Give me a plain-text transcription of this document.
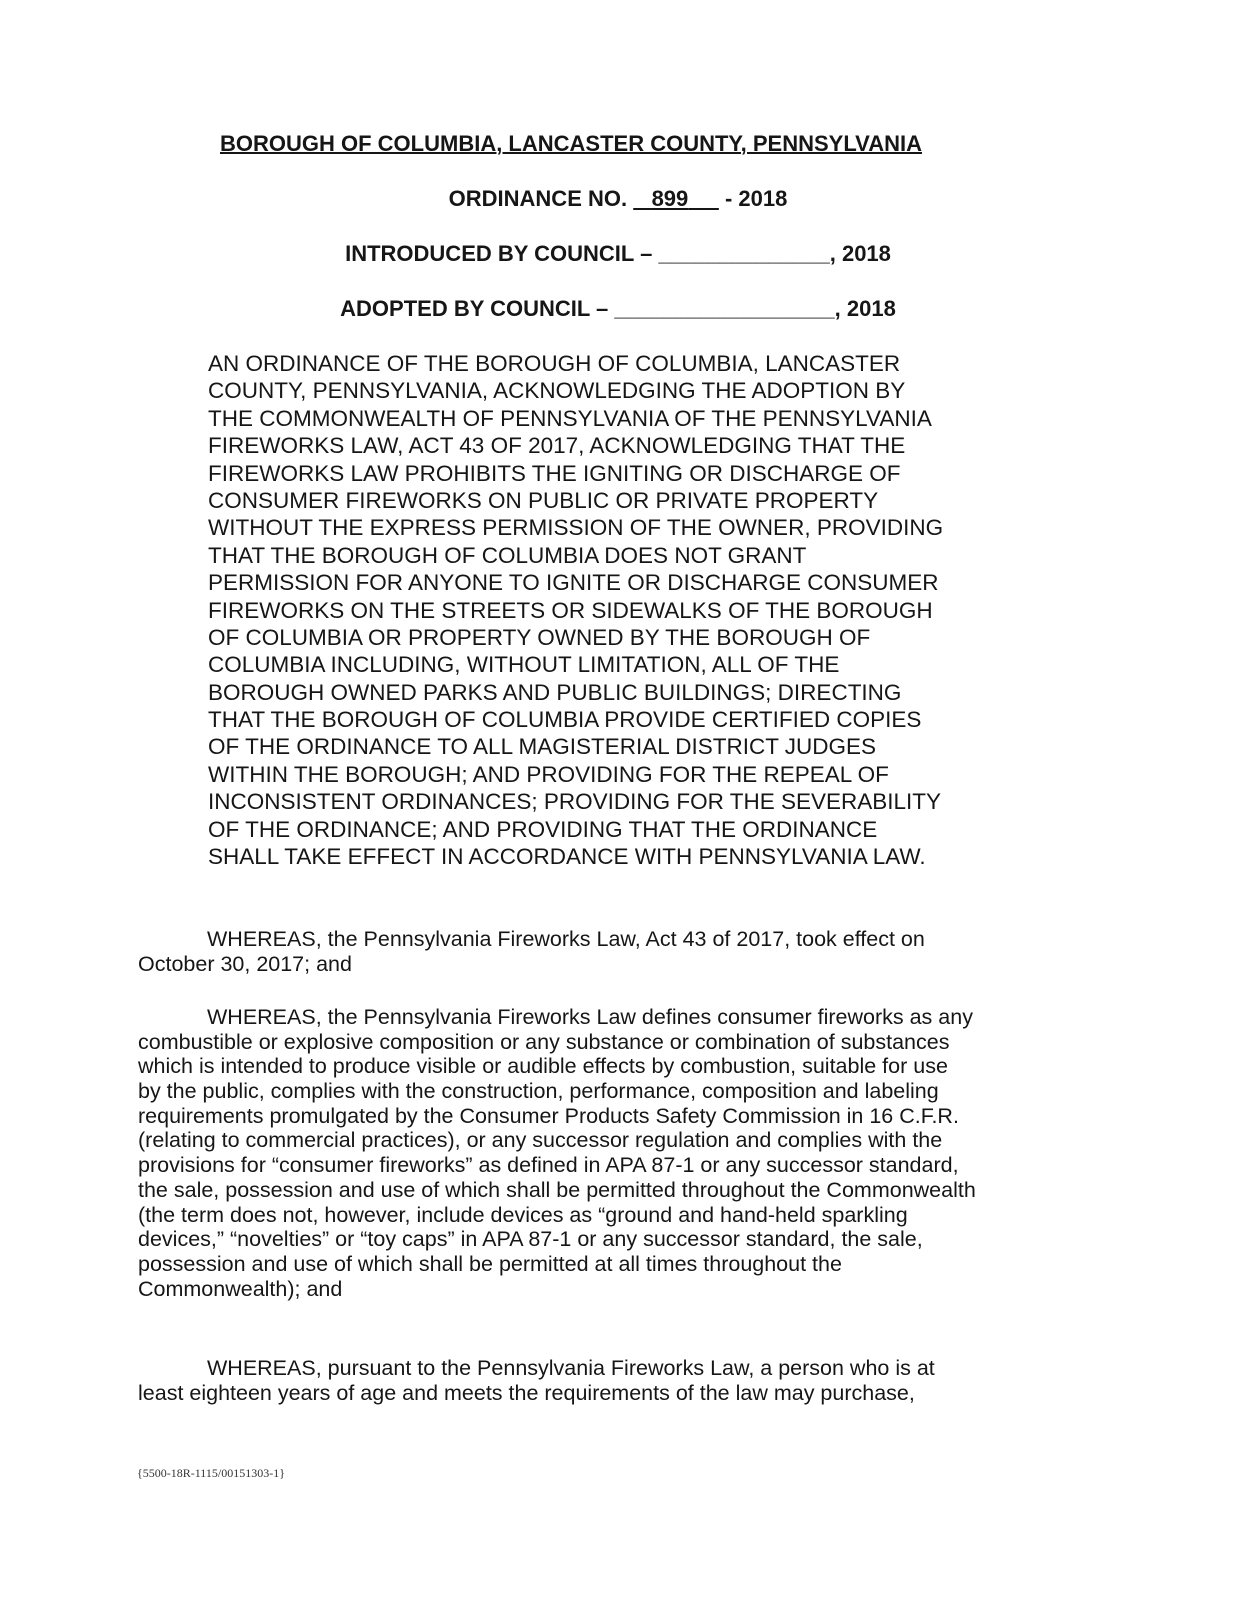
BOROUGH OF COLUMBIA, LANCASTER COUNTY, PENNSYLVANIA
ORDINANCE NO. 899 - 2018
INTRODUCED BY COUNCIL – ______________, 2018
ADOPTED BY COUNCIL – __________________, 2018
AN ORDINANCE OF THE BOROUGH OF COLUMBIA, LANCASTER
COUNTY, PENNSYLVANIA, ACKNOWLEDGING THE ADOPTION BY
THE COMMONWEALTH OF PENNSYLVANIA OF THE PENNSYLVANIA
FIREWORKS LAW, ACT 43 OF 2017, ACKNOWLEDGING THAT THE
FIREWORKS LAW PROHIBITS THE IGNITING OR DISCHARGE OF
CONSUMER FIREWORKS ON PUBLIC OR PRIVATE PROPERTY
WITHOUT THE EXPRESS PERMISSION OF THE OWNER, PROVIDING
THAT THE BOROUGH OF COLUMBIA DOES NOT GRANT
PERMISSION FOR ANYONE TO IGNITE OR DISCHARGE CONSUMER
FIREWORKS ON THE STREETS OR SIDEWALKS OF THE BOROUGH
OF COLUMBIA OR PROPERTY OWNED BY THE BOROUGH OF
COLUMBIA INCLUDING, WITHOUT LIMITATION, ALL OF THE
BOROUGH OWNED PARKS AND PUBLIC BUILDINGS; DIRECTING
THAT THE BOROUGH OF COLUMBIA PROVIDE CERTIFIED COPIES
OF THE ORDINANCE TO ALL MAGISTERIAL DISTRICT JUDGES
WITHIN THE BOROUGH; AND PROVIDING FOR THE REPEAL OF
INCONSISTENT ORDINANCES; PROVIDING FOR THE SEVERABILITY
OF THE ORDINANCE; AND PROVIDING THAT THE ORDINANCE
SHALL TAKE EFFECT IN ACCORDANCE WITH PENNSYLVANIA LAW.
WHEREAS, the Pennsylvania Fireworks Law, Act 43 of 2017, took effect on
October 30, 2017; and
WHEREAS, the Pennsylvania Fireworks Law defines consumer fireworks as any
combustible or explosive composition or any substance or combination of substances
which is intended to produce visible or audible effects by combustion, suitable for use
by the public, complies with the construction, performance, composition and labeling
requirements promulgated by the Consumer Products Safety Commission in 16 C.F.R.
(relating to commercial practices), or any successor regulation and complies with the
provisions for “consumer fireworks” as defined in APA 87-1 or any successor standard,
the sale, possession and use of which shall be permitted throughout the Commonwealth
(the term does not, however, include devices as “ground and hand-held sparkling
devices,” “novelties” or “toy caps” in APA 87-1 or any successor standard, the sale,
possession and use of which shall be permitted at all times throughout the
Commonwealth); and
WHEREAS, pursuant to the Pennsylvania Fireworks Law, a person who is at
least eighteen years of age and meets the requirements of the law may purchase,
{5500-18R-1115/00151303-1}
